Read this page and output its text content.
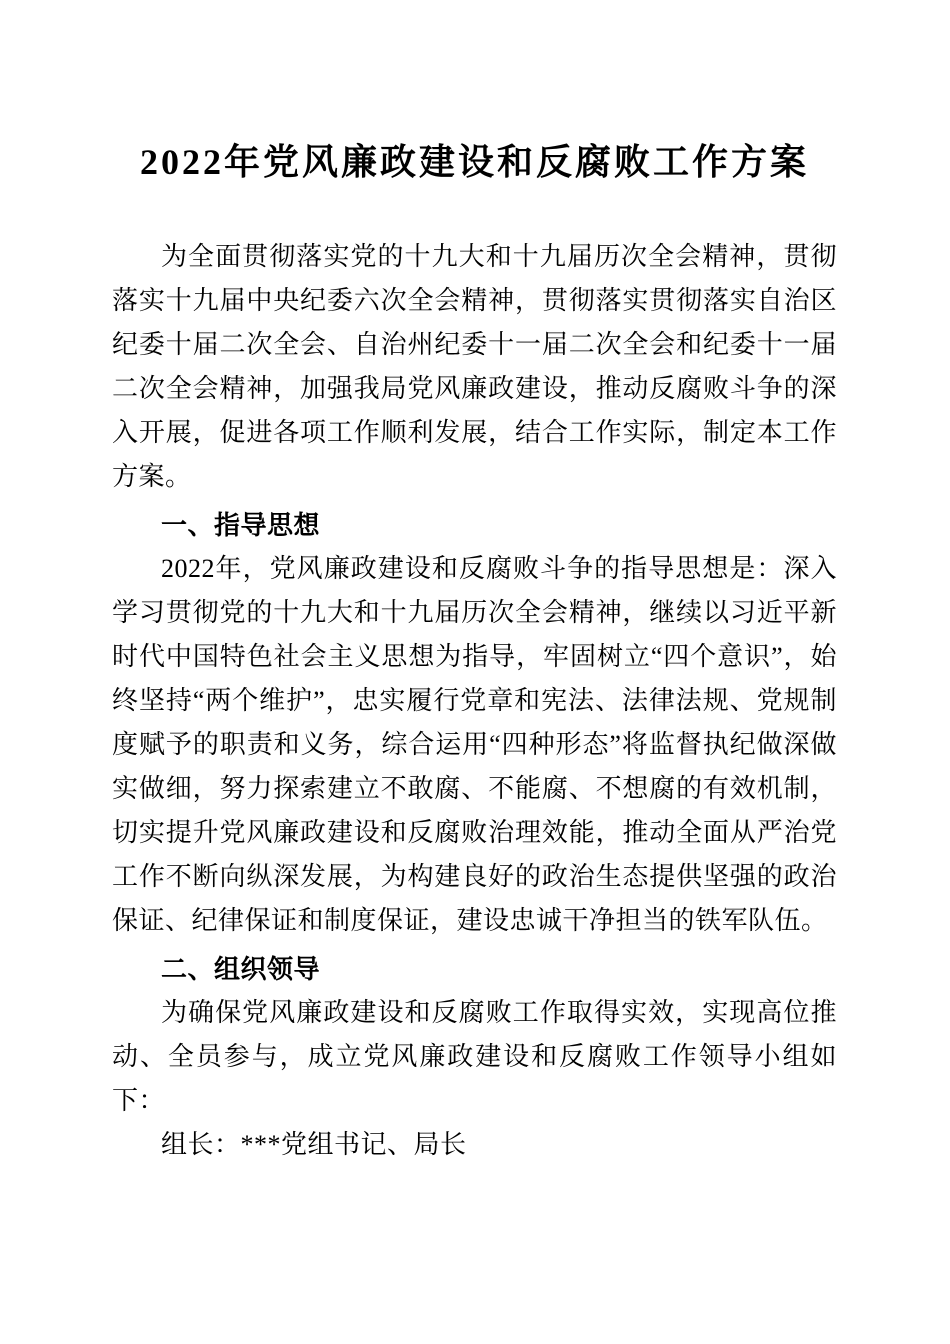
2022年党风廉政建设和反腐败工作方案

为全面贯彻落实党的十九大和十九届历次全会精神，贯彻落实十九届中央纪委六次全会精神，贯彻落实贯彻落实自治区纪委十届二次全会、自治州纪委十一届二次全会和纪委十一届二次全会精神，加强我局党风廉政建设，推动反腐败斗争的深入开展，促进各项工作顺利发展，结合工作实际，制定本工作方案。

一、指导思想

2022年，党风廉政建设和反腐败斗争的指导思想是：深入学习贯彻党的十九大和十九届历次全会精神，继续以习近平新时代中国特色社会主义思想为指导，牢固树立“四个意识”，始终坚持“两个维护”，忠实履行党章和宪法、法律法规、党规制度赋予的职责和义务，综合运用“四种形态”将监督执纪做深做实做细，努力探索建立不敢腐、不能腐、不想腐的有效机制，切实提升党风廉政建设和反腐败治理效能，推动全面从严治党工作不断向纵深发展，为构建良好的政治生态提供坚强的政治保证、纪律保证和制度保证，建设忠诚干净担当的铁军队伍。

二、组织领导

为确保党风廉政建设和反腐败工作取得实效，实现高位推动、全员参与，成立党风廉政建设和反腐败工作领导小组如下：

组长：***党组书记、局长
